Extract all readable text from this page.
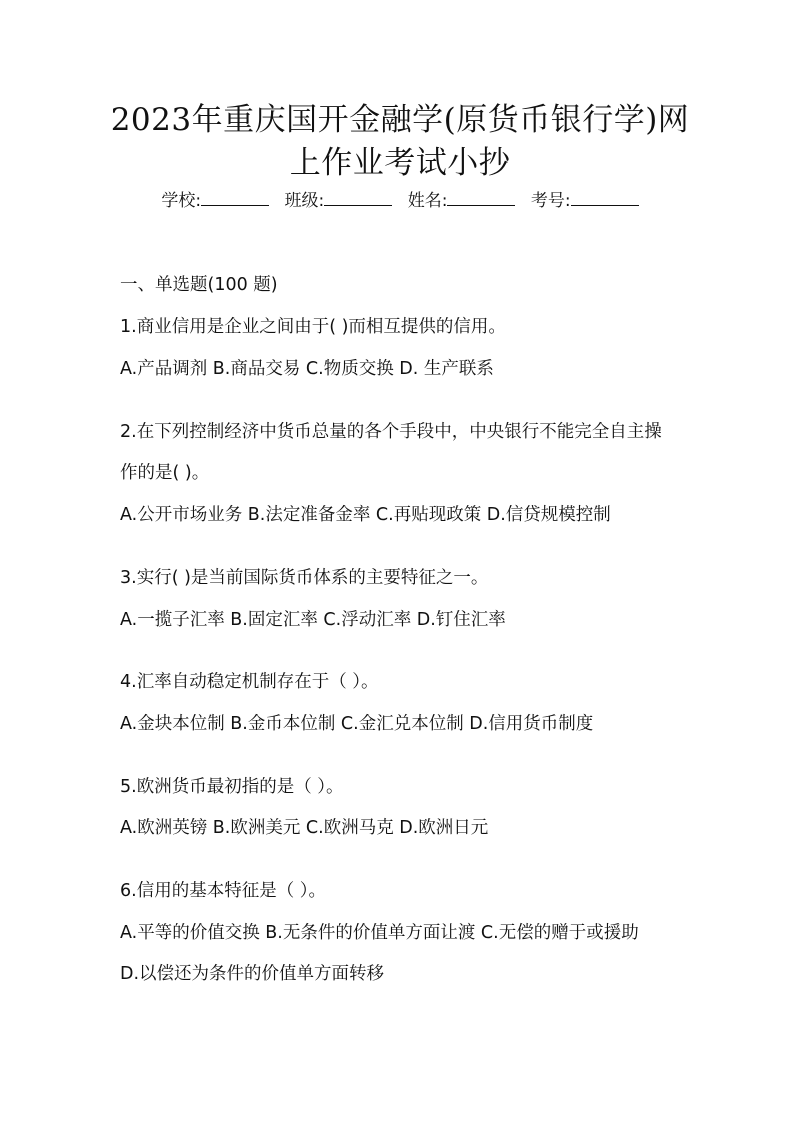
2023年重庆国开金融学(原货币银行学)网
上作业考试小抄
学校:	班级:	姓名:	考号:
一、单选题(100 题)
1.商业信用是企业之间由于( )而相互提供的信用。
A.产品调剂 B.商品交易 C.物质交换 D. 生产联系
2.在下列控制经济中货币总量的各个手段中，中央银行不能完全自主操
作的是( )。
A.公开市场业务 B.法定准备金率 C.再贴现政策 D.信贷规模控制
3.实行( )是当前国际货币体系的主要特征之一。
A.一揽子汇率 B.固定汇率 C.浮动汇率 D.钉住汇率
4.汇率自动稳定机制存在于（ ）。
A.金块本位制 B.金币本位制 C.金汇兑本位制 D.信用货币制度
5.欧洲货币最初指的是（ ）。
A.欧洲英镑 B.欧洲美元 C.欧洲马克 D.欧洲日元
6.信用的基本特征是（ ）。
A.平等的价值交换 B.无条件的价值单方面让渡 C.无偿的赠于或援助
D.以偿还为条件的价值单方面转移
